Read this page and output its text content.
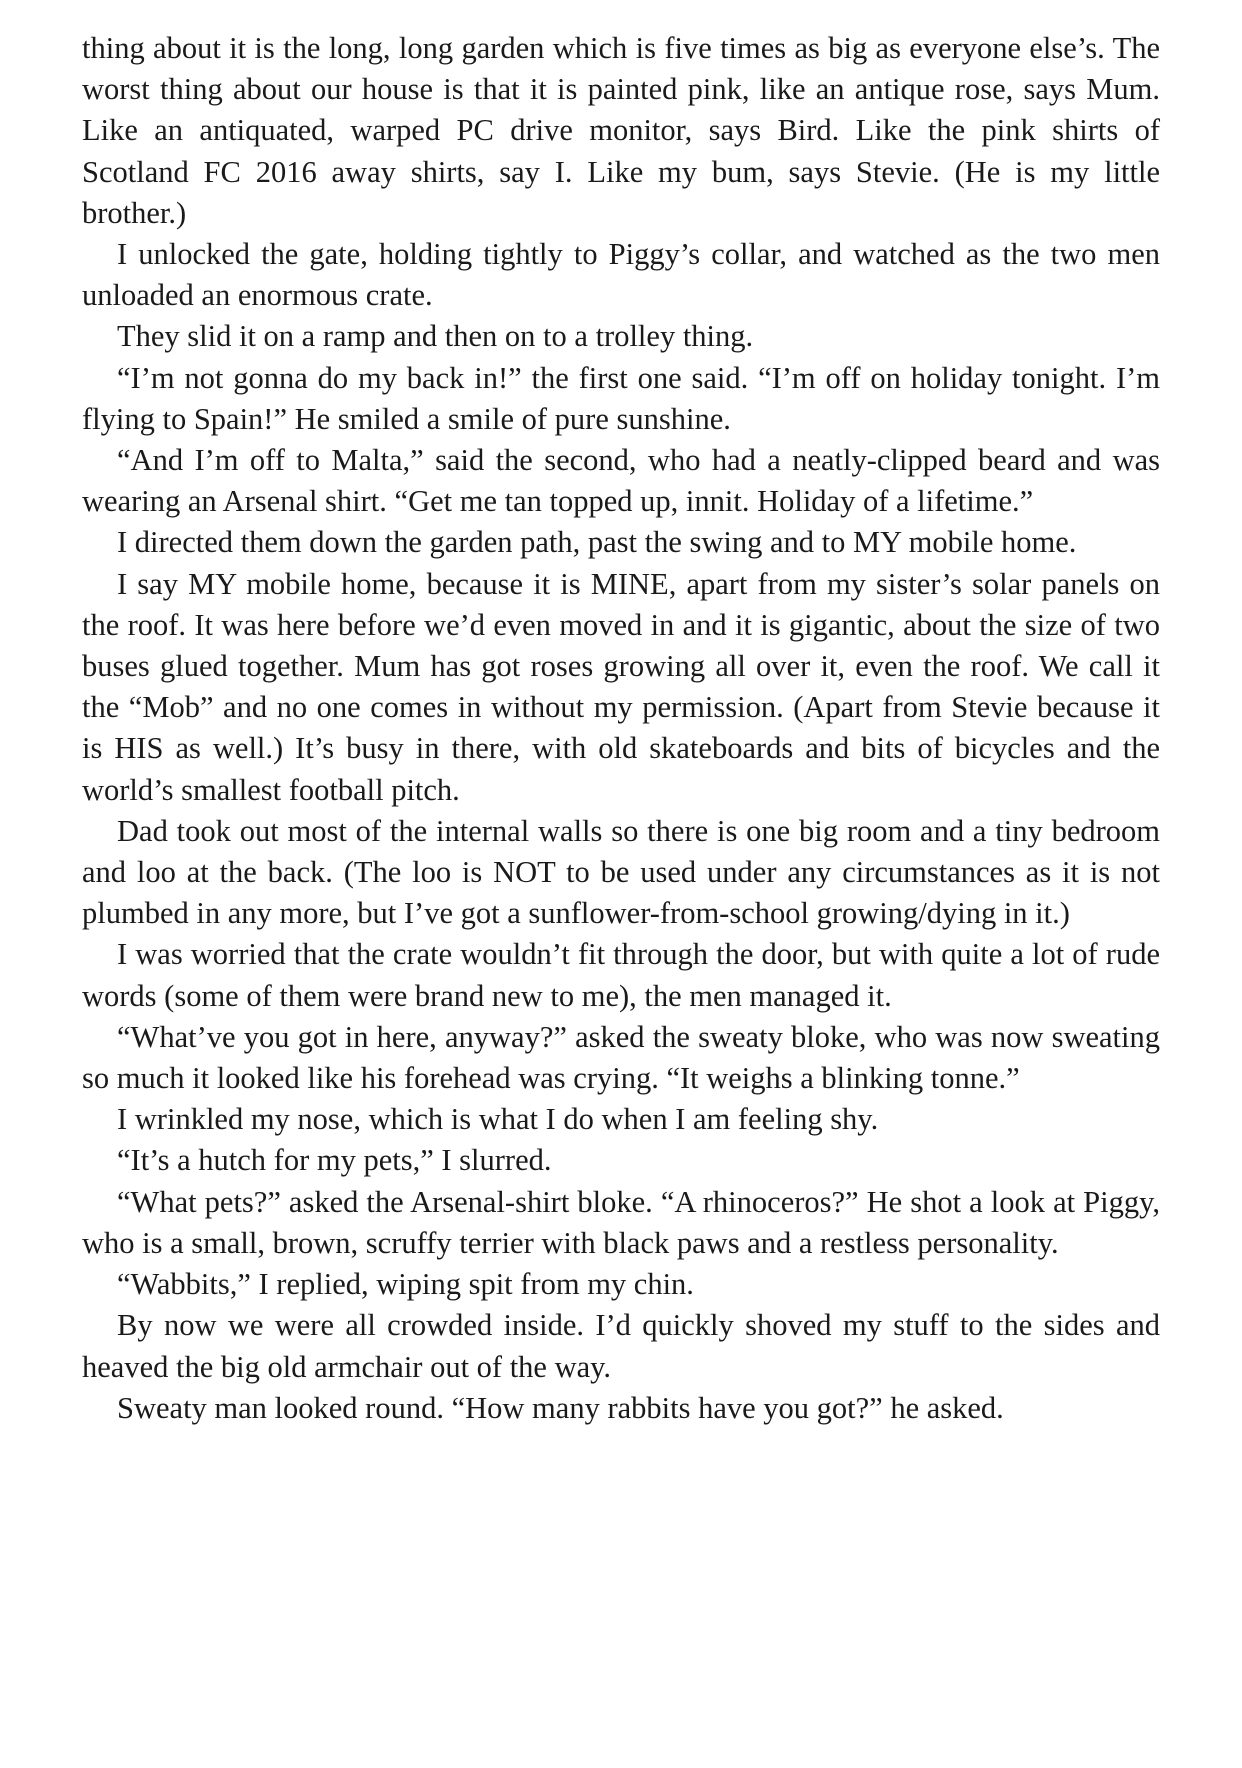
thing about it is the long, long garden which is five times as big as everyone else’s. The worst thing about our house is that it is painted pink, like an antique rose, says Mum. Like an antiquated, warped PC drive monitor, says Bird. Like the pink shirts of Scotland FC 2016 away shirts, say I. Like my bum, says Stevie. (He is my little brother.)

I unlocked the gate, holding tightly to Piggy’s collar, and watched as the two men unloaded an enormous crate.

They slid it on a ramp and then on to a trolley thing.

“I’m not gonna do my back in!” the first one said. “I’m off on holiday tonight. I’m flying to Spain!” He smiled a smile of pure sunshine.

“And I’m off to Malta,” said the second, who had a neatly-clipped beard and was wearing an Arsenal shirt. “Get me tan topped up, innit. Holiday of a lifetime.”

I directed them down the garden path, past the swing and to MY mobile home.

I say MY mobile home, because it is MINE, apart from my sister’s solar panels on the roof. It was here before we’d even moved in and it is gigantic, about the size of two buses glued together. Mum has got roses growing all over it, even the roof. We call it the “Mob” and no one comes in without my permission. (Apart from Stevie because it is HIS as well.) It’s busy in there, with old skateboards and bits of bicycles and the world’s smallest football pitch.

Dad took out most of the internal walls so there is one big room and a tiny bedroom and loo at the back. (The loo is NOT to be used under any circumstances as it is not plumbed in any more, but I’ve got a sunflower-from-school growing/dying in it.)

I was worried that the crate wouldn’t fit through the door, but with quite a lot of rude words (some of them were brand new to me), the men managed it.

“What’ve you got in here, anyway?” asked the sweaty bloke, who was now sweating so much it looked like his forehead was crying. “It weighs a blinking tonne.”

I wrinkled my nose, which is what I do when I am feeling shy.

“It’s a hutch for my pets,” I slurred.

“What pets?” asked the Arsenal-shirt bloke. “A rhinoceros?” He shot a look at Piggy, who is a small, brown, scruffy terrier with black paws and a restless personality.

“Wabbits,” I replied, wiping spit from my chin.

By now we were all crowded inside. I’d quickly shoved my stuff to the sides and heaved the big old armchair out of the way.

Sweaty man looked round. “How many rabbits have you got?” he asked.
